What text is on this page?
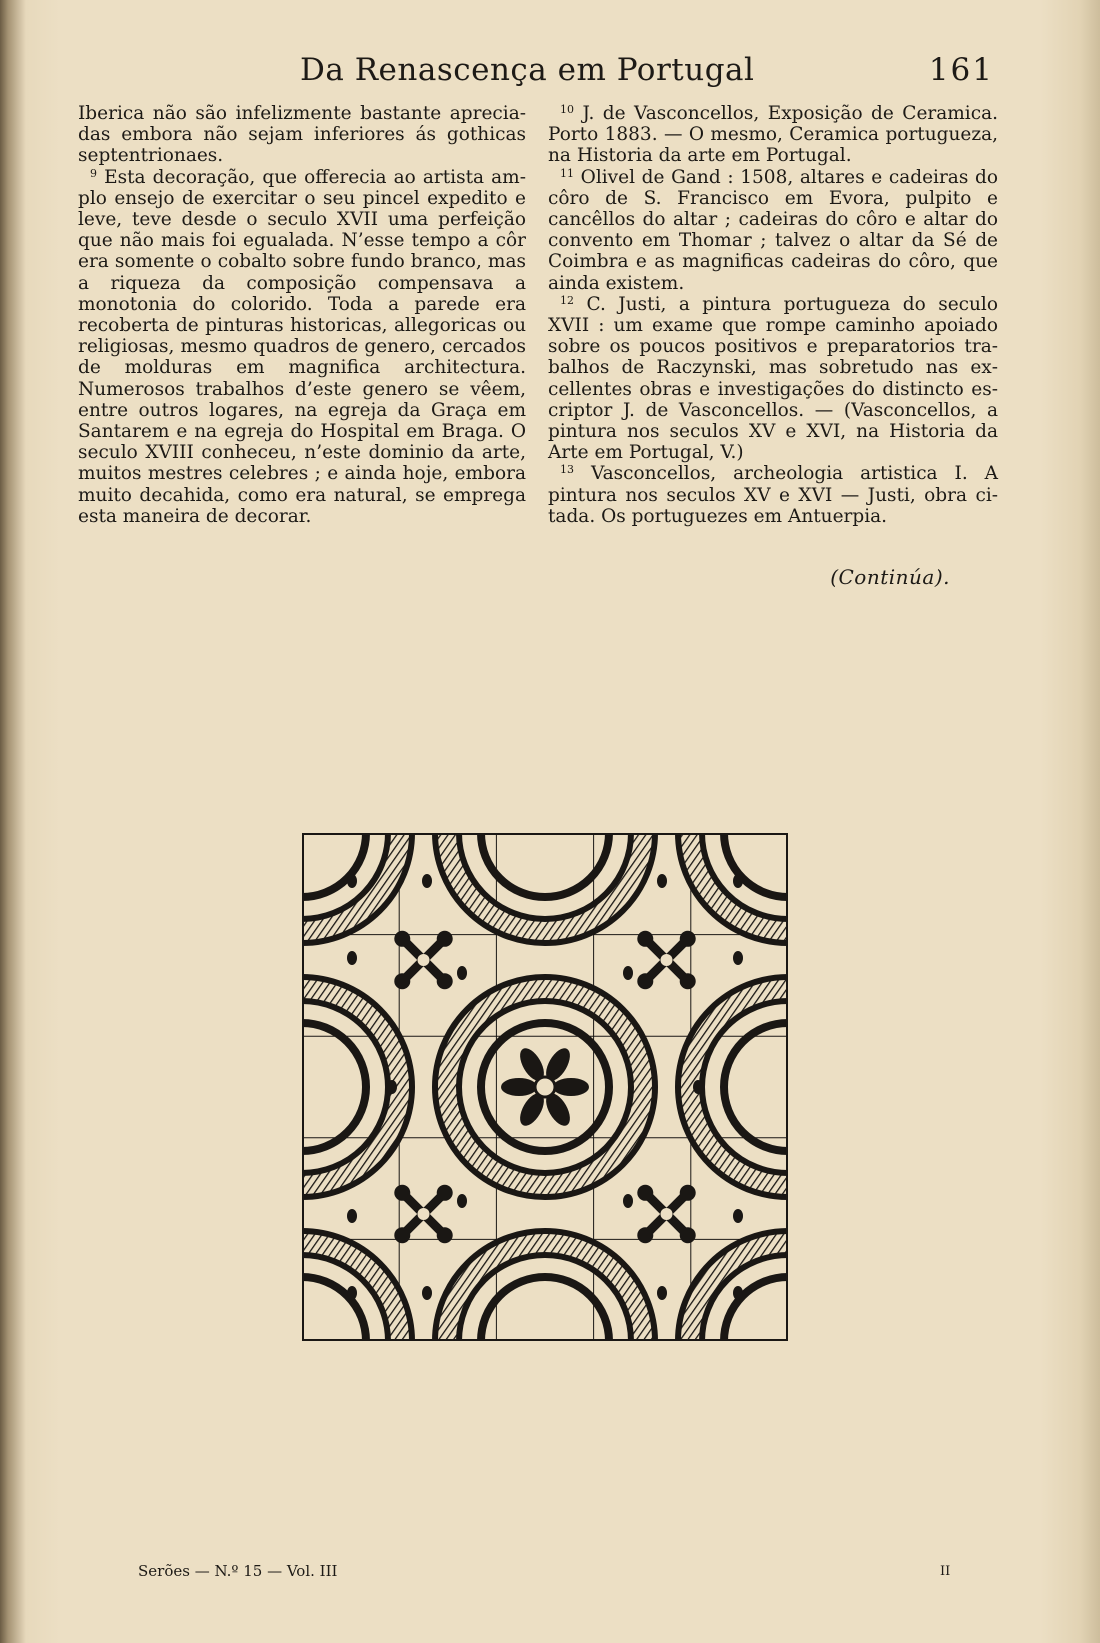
Da Renascença em Portugal	161

Iberica não são infelizmente bastante apreciadas embora não sejam inferiores ás gothicas septentrionaes.

$^9$ Esta decoração, que offerecia ao artista amplo ensejo de exercitar o seu pincel expedito e leve, teve desde o seculo XVII uma perfeição que não mais foi egualada. N’esse tempo a côr era somente o cobalto sobre fundo branco, mas a riqueza da composição compensava a monotonia do colorido. Toda a parede era recoberta de pinturas historicas, allegoricas ou religiosas, mesmo quadros de genero, cercados de molduras em magnifica architectura. Numerosos trabalhos d’este genero se vêem, entre outros logares, na egreja da Graça em Santarem e na egreja do Hospital em Braga. O seculo XVIII conheceu, n’este dominio da arte, muitos mestres celebres ; e ainda hoje, embora muito decahida, como era natural, se emprega esta maneira de decorar.

$^{10}$ J. de Vasconcellos, Exposição de Ceramica. Porto 1883. — O mesmo, Ceramica portugueza, na Historia da arte em Portugal.

$^{11}$ Olivel de Gand : 1508, altares e cadeiras do côro de S. Francisco em Evora, pulpito e cancêllos do altar ; cadeiras do côro e altar do convento em Thomar ; talvez o altar da Sé de Coimbra e as magnificas cadeiras do côro, que ainda existem.

$^{12}$ C. Justi, a pintura portugueza do seculo XVII : um exame que rompe caminho apoiado sobre os poucos positivos e preparatorios trabalhos de Raczynski, mas sobretudo nas excellentes obras e investigações do distincto escriptor J. de Vasconcellos. — (Vasconcellos, a pintura nos seculos XV e XVI, na Historia da Arte em Portugal, V.)

$^{13}$ Vasconcellos, archeologia artistica I. A pintura nos seculos XV e XVI — Justi, obra citada. Os portuguezes em Antuerpia.

(Continúa).
Serões — N.º 15 — Vol. III	II
